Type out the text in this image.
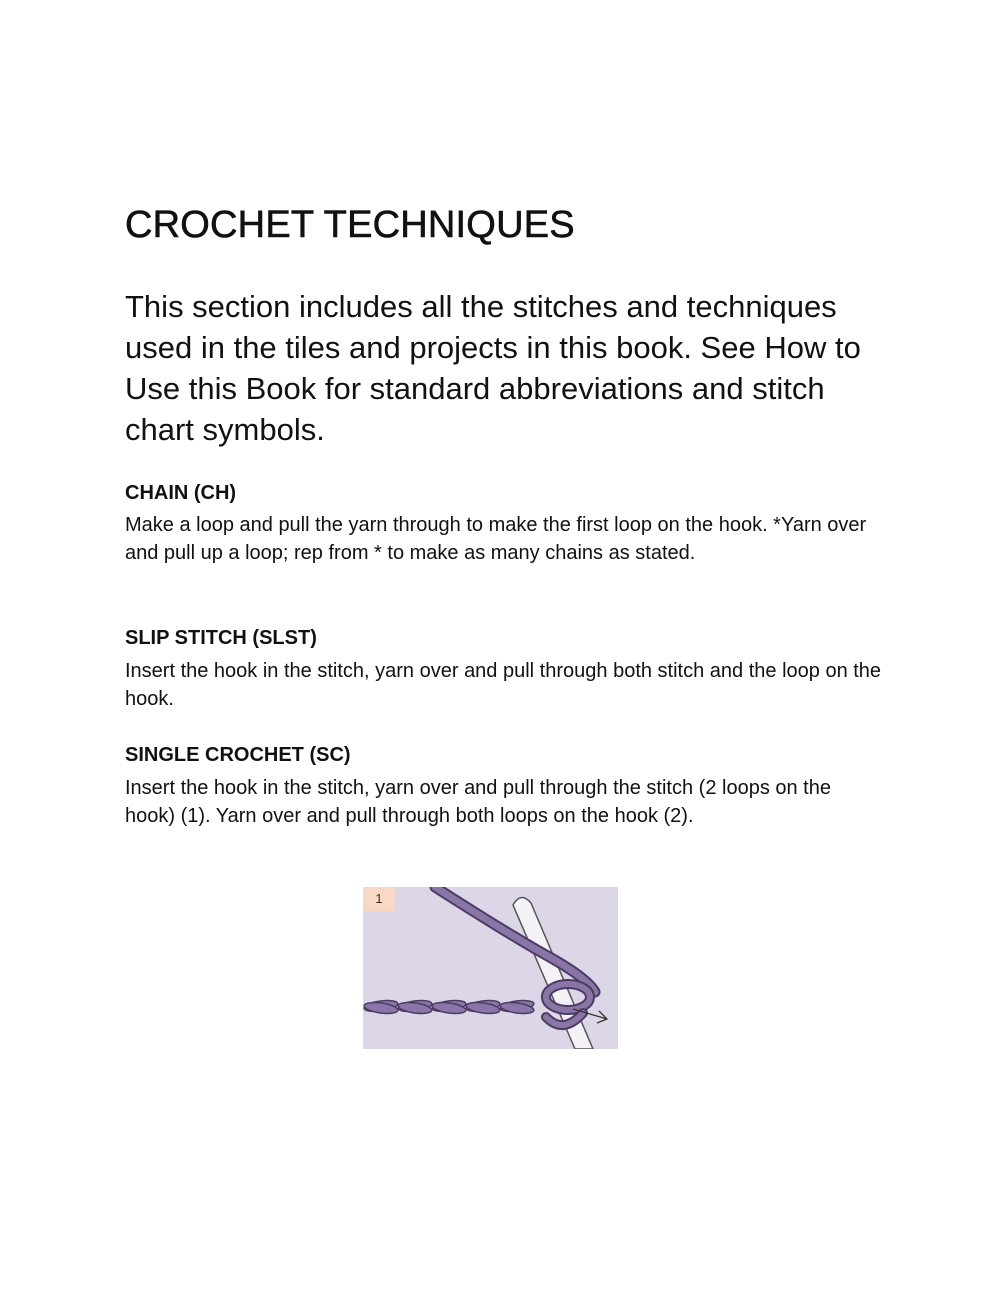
CROCHET TECHNIQUES

This section includes all the stitches and techniques used in the tiles and projects in this book. See How to Use this Book for standard abbreviations and stitch chart symbols.

CHAIN (CH)

Make a loop and pull the yarn through to make the first loop on the hook. *Yarn over and pull up a loop; rep from * to make as many chains as stated.

SLIP STITCH (SLST)

Insert the hook in the stitch, yarn over and pull through both stitch and the loop on the hook.

SINGLE CROCHET (SC)

Insert the hook in the stitch, yarn over and pull through the stitch (2 loops on the hook) (1). Yarn over and pull through both loops on the hook (2).

1
